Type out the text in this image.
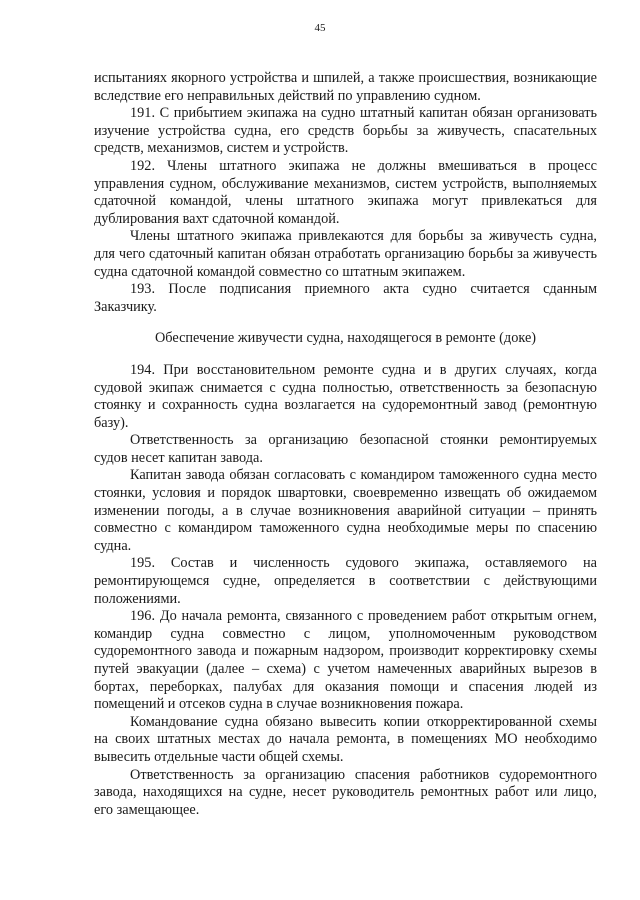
45
испытаниях якорного устройства и шпилей, а также происшествия, возникающие
вследствие его неправильных действий по управлению судном.
191. С прибытием экипажа на судно штатный капитан обязан организовать
изучение устройства судна, его средств борьбы за живучесть, спасательных
средств, механизмов, систем и устройств.
192. Члены штатного экипажа не должны вмешиваться в процесс
управления судном, обслуживание механизмов, систем устройств, выполняемых
сдаточной командой, члены штатного экипажа могут привлекаться для
дублирования вахт сдаточной командой.
Члены штатного экипажа привлекаются для борьбы за живучесть судна,
для чего сдаточный капитан обязан отработать организацию борьбы за живучесть
судна сдаточной командой совместно со штатным экипажем.
193. После подписания приемного акта судно считается сданным
Заказчику.
Обеспечение живучести судна, находящегося в ремонте (доке)
194. При восстановительном ремонте судна и в других случаях, когда
судовой экипаж снимается с судна полностью, ответственность за безопасную
стоянку и сохранность судна возлагается на судоремонтный завод (ремонтную
базу).
Ответственность за организацию безопасной стоянки ремонтируемых
судов несет капитан завода.
Капитан завода обязан согласовать с командиром таможенного судна место
стоянки, условия и порядок швартовки, своевременно извещать об ожидаемом
изменении погоды, а в случае возникновения аварийной ситуации – принять
совместно с командиром таможенного судна необходимые меры по спасению
судна.
195. Состав и численность судового экипажа, оставляемого на
ремонтирующемся судне, определяется в соответствии с действующими
положениями.
196. До начала ремонта, связанного с проведением работ открытым огнем,
командир судна совместно с лицом, уполномоченным руководством
судоремонтного завода и пожарным надзором, производит корректировку схемы
путей эвакуации (далее – схема) с учетом намеченных аварийных вырезов в
бортах, переборках, палубах для оказания помощи и спасения людей из
помещений и отсеков судна в случае возникновения пожара.
Командование судна обязано вывесить копии откорректированной схемы
на своих штатных местах до начала ремонта, в помещениях МО необходимо
вывесить отдельные части общей схемы.
Ответственность за организацию спасения работников судоремонтного
завода, находящихся на судне, несет руководитель ремонтных работ или лицо,
его замещающее.
